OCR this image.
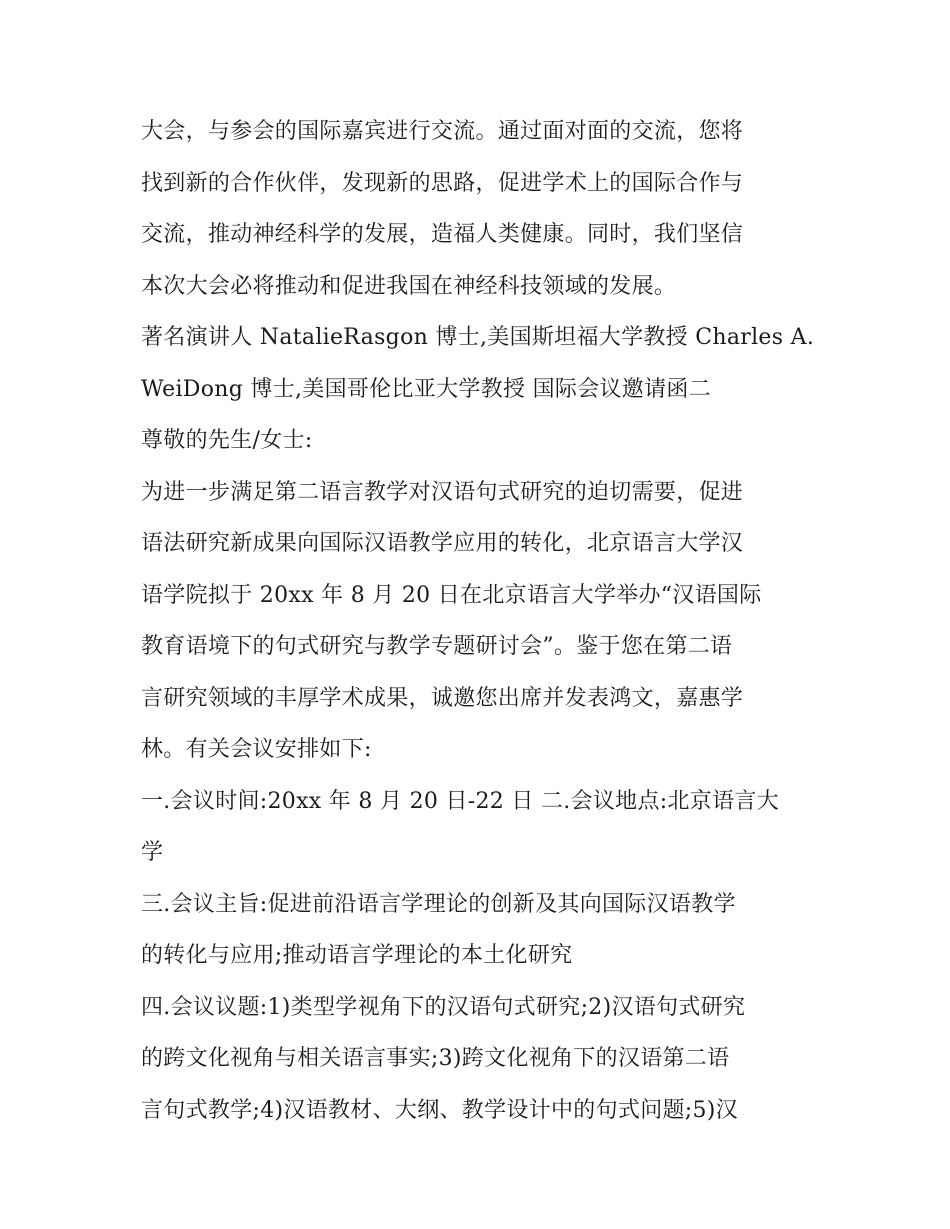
大会，与参会的国际嘉宾进行交流。通过面对面的交流，您将
找到新的合作伙伴，发现新的思路，促进学术上的国际合作与
交流，推动神经科学的发展，造福人类健康。同时，我们坚信
本次大会必将推动和促进我国在神经科技领域的发展。
著名演讲人 NatalieRasgon 博士,美国斯坦福大学教授 Charles A.
WeiDong 博士,美国哥伦比亚大学教授 国际会议邀请函二
尊敬的先生/女士:
为进一步满足第二语言教学对汉语句式研究的迫切需要，促进
语法研究新成果向国际汉语教学应用的转化，北京语言大学汉
语学院拟于 20xx 年 8 月 20 日在北京语言大学举办“汉语国际
教育语境下的句式研究与教学专题研讨会”。鉴于您在第二语
言研究领域的丰厚学术成果，诚邀您出席并发表鸿文，嘉惠学
林。有关会议安排如下:
一.会议时间:20xx 年 8 月 20 日-22 日 二.会议地点:北京语言大
学
三.会议主旨:促进前沿语言学理论的创新及其向国际汉语教学
的转化与应用;推动语言学理论的本土化研究
四.会议议题:1)类型学视角下的汉语句式研究;2)汉语句式研究
的跨文化视角与相关语言事实;3)跨文化视角下的汉语第二语
言句式教学;4)汉语教材、大纲、教学设计中的句式问题;5)汉
